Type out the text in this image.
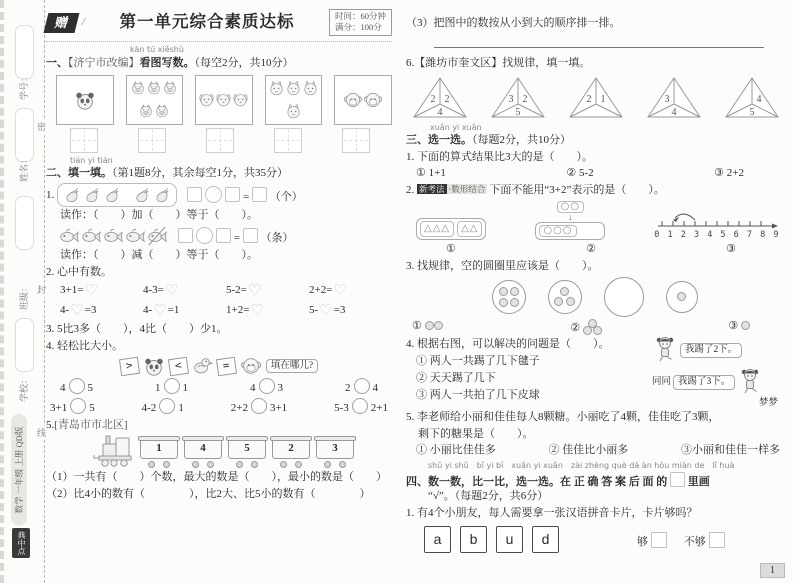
学号：
姓名：
班级：
学校：
密
封
线
数学 一年级 上册 QD版
典中点
赠	/	第一单元综合素质达标	时间：60分钟
满分：100分
kàn tú xiěshù
一、【济宁市改编】看图写数。（每空2分，共10分）
tián yi tián
二、填一填。（第1题8分，其余每空1分，共35分）
1.	= （个）
读作：（　　）加（　　）等于（　　）。
= （条）
读作：（　　）减（　　）等于（　　）。
2. 心中有数。
3+1=♡	4-3=♡	5-2=♡	2+2=♡
4-♡=3	4-♡=1	1+2=♡	5-♡=3
3. 5比3多（　　），4比（　　）少1。
4. 轻松比大小。
>	<	=	填在哪儿?
4 5	1 1	4 3	2 4
3+1 5	4-2 1	2+2 3+1	5-3 2+1
5.[青岛市市北区]
1	4	5	2	3
（1）一共有（　　）个数，最大的数是（　　），最小的数是（　　）
（2）比4小的数有（　　　　），比2大、比5小的数有（　　　　）
（3）把图中的数按从小到大的顺序排一排。
6.【潍坊市奎文区】找规律，填一填。
2 2
4
3 2
5
2 1	3
4
4
5
xuǎn yi xuǎn
三、选一选。（每题2分，共10分）
1. 下面的算式结果比3大的是（　　）。
① 1+1	② 5-2	③ 2+2
2. 新考法 ·数形结合 下面不能用“3+2”表示的是（　　）。
△△△	△△
○○
↓
○○○	0 1 2 3 4 5 6 7 8 9
①	②	③
3. 找规律，空的圆圈里应该是（　　）。
①	②	③
我踢了2下。
同同 我踢了3下。
梦梦
4. 根据右图，可以解决的问题是（　　）。
① 两人一共踢了几下毽子
② 天天踢了几下
③ 两人一共拍了几下皮球
5. 李老师给小丽和佳佳每人8颗糖。小丽吃了4颗，佳佳吃了3颗，
剩下的糖果是（　　）。
① 小丽比佳佳多	② 佳佳比小丽多	③小丽和佳佳一样多
shǔ yi shǔ　bǐ yi bǐ　xuǎn yi xuǎn　zài zhèng què dá àn hòu miàn de　lǐ huà
四、数一数，比一比，选一选。在 正 确 答 案 后 面 的 里画
“√”。（每题2分，共6分）
1. 有4个小朋友，每人需要拿一张汉语拼音卡片，卡片够吗？
a	b	u	d	够	不够
1
